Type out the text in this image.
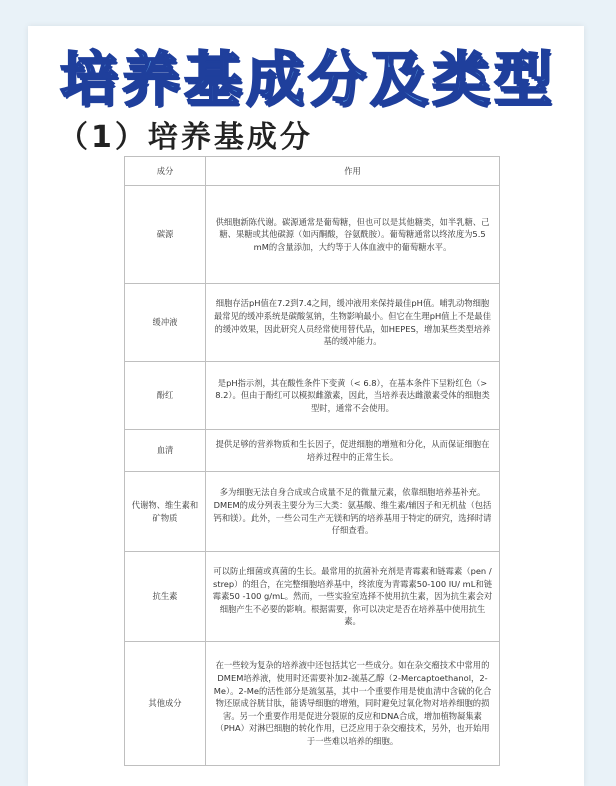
培养基成分及类型
（1）培养基成分
成分	作用
碳源	供细胞新陈代谢。碳源通常是葡萄糖，但也可以是其他糖类，如半乳糖、己糖、果糖或其他碳源（如丙酮酸，谷氨酰胺）。葡萄糖通常以终浓度为5.5 mM的含量添加，大约等于人体血液中的葡萄糖水平。
缓冲液	细胞存活pH值在7.2到7.4之间，缓冲液用来保持最佳pH值。哺乳动物细胞最常见的缓冲系统是碳酸氢钠，生物影响最小。但它在生理pH值上不是最佳的缓冲效果，因此研究人员经常使用替代品，如HEPES，增加某些类型培养基的缓冲能力。
酚红	是pH指示剂，其在酸性条件下变黄（< 6.8），在基本条件下呈粉红色（> 8.2）。但由于酚红可以模拟雌激素，因此，当培养表达雌激素受体的细胞类型时，通常不会使用。
血清	提供足够的营养物质和生长因子，促进细胞的增殖和分化，从而保证细胞在培养过程中的正常生长。
代谢物、维生素和矿物质	多为细胞无法自身合成或合成量不足的微量元素，依靠细胞培养基补充。DMEM的成分列表主要分为三大类：氨基酸、维生素/辅因子和无机盐（包括钙和镁）。此外，一些公司生产无镁和钙的培养基用于特定的研究，选择时请仔细查看。
抗生素	可以防止细菌或真菌的生长。最常用的抗菌补充剂是青霉素和链霉素（pen / strep）的组合，在完整细胞培养基中，终浓度为青霉素50-100 IU/ mL和链霉素50 -100 g/mL。然而，一些实验室选择不使用抗生素，因为抗生素会对细胞产生不必要的影响。根据需要，你可以决定是否在培养基中使用抗生素。
其他成分	在一些较为复杂的培养液中还包括其它一些成分。如在杂交瘤技术中常用的DMEM培养液，使用时还需要补加2-巯基乙醇（2-Mercaptoethanol，2-Me）。2-Me的活性部分是巯氢基，其中一个重要作用是使血清中含硫的化合物还原成谷胱甘肽，能诱导细胞的增殖，同时避免过氧化物对培养细胞的损害。另一个重要作用是促进分裂原的反应和DNA合成，增加植物凝集素（PHA）对淋巴细胞的转化作用，已泛应用于杂交瘤技术，另外，也开始用于一些难以培养的细胞。
